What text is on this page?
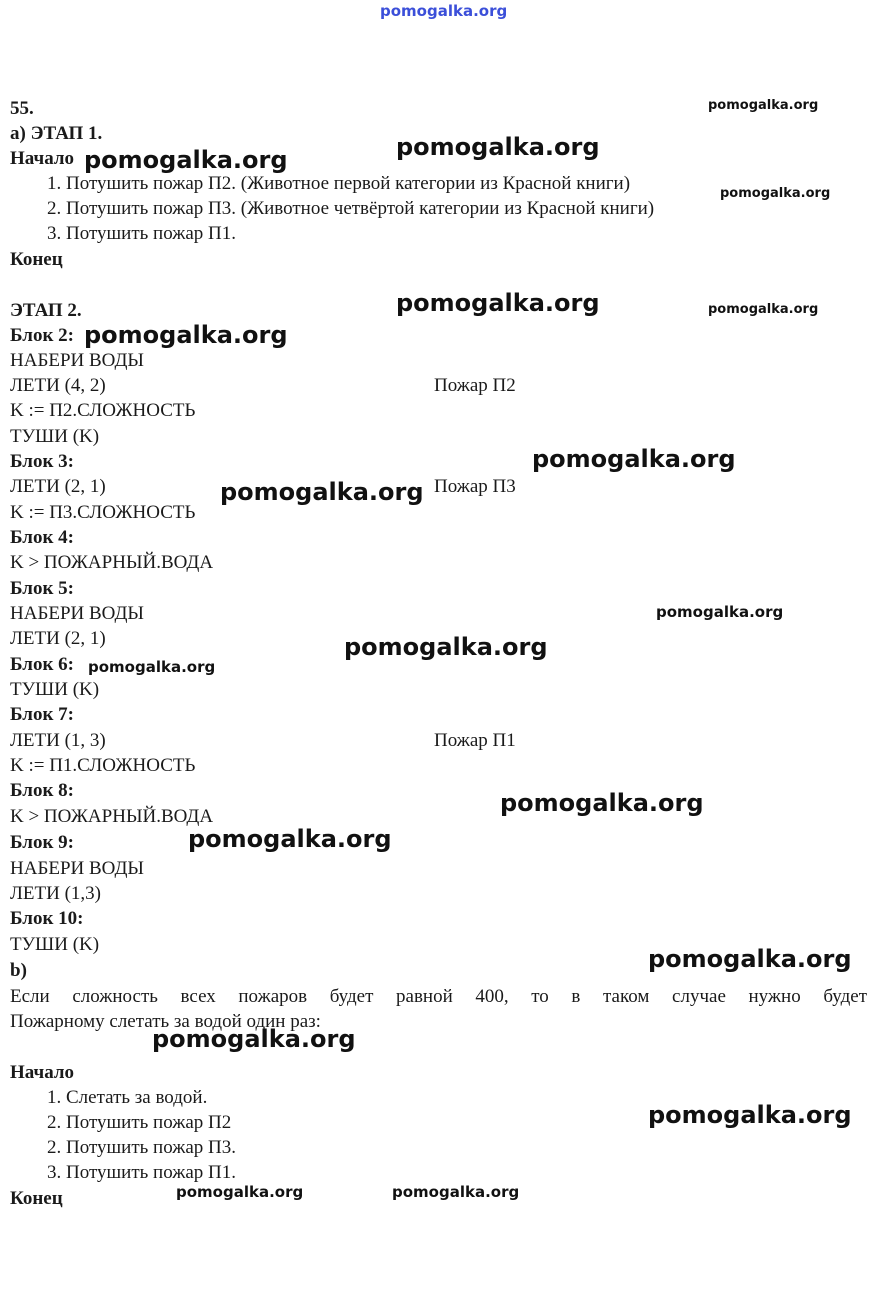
pomogalka.org
55.
а) ЭТАП 1.
Начало
1. Потушить пожар П2. (Животное первой категории из Красной книги)
2. Потушить пожар П3. (Животное четвёртой категории из Красной книги)
3. Потушить пожар П1.
Конец
ЭТАП 2.
Блок 2:
НАБЕРИ ВОДЫ
ЛЕТИ (4, 2)	Пожар П2
K := П2.СЛОЖНОСТЬ
ТУШИ (K)
Блок 3:
ЛЕТИ (2, 1)	Пожар П3
K := П3.СЛОЖНОСТЬ
Блок 4:
K > ПОЖАРНЫЙ.ВОДА
Блок 5:
НАБЕРИ ВОДЫ
ЛЕТИ (2, 1)
Блок 6:
ТУШИ (K)
Блок 7:
ЛЕТИ (1, 3)	Пожар П1
K := П1.СЛОЖНОСТЬ
Блок 8:
K > ПОЖАРНЫЙ.ВОДА
Блок 9:
НАБЕРИ ВОДЫ
ЛЕТИ (1,3)
Блок 10:
ТУШИ (K)
b)
Если сложность всех пожаров будет равной 400, то в таком случае нужно будет
Пожарному слетать за водой один раз:
Начало
1. Слетать за водой.
2. Потушить пожар П2
2. Потушить пожар П3.
3. Потушить пожар П1.
Конец
pomogalka.org
pomogalka.org
pomogalka.org
pomogalka.org
pomogalka.org	pomogalka.org
pomogalka.org
pomogalka.org
pomogalka.org
pomogalka.org
pomogalka.org
pomogalka.org
pomogalka.org
pomogalka.org
pomogalka.org
pomogalka.org
pomogalka.org
pomogalka.org	pomogalka.org
